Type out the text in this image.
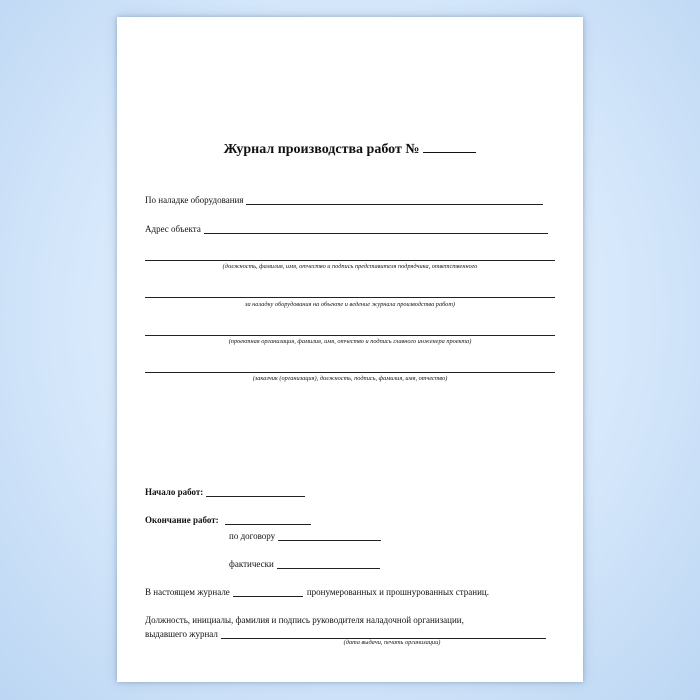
Журнал производства работ №
По наладке оборудования
Адрес объекта
(должность, фамилия, имя, отчество и подпись представителя подрядчика, ответственного
за наладку оборудования на объекте и ведение журнала производства работ)
(проектная организация, фамилия, имя, отчество и подпись главного инженера проекта)
(заказчик (организация), должность, подпись, фамилия, имя, отчество)
Начало работ:
Окончание работ:
по договору
фактически
В настоящем журнале	пронумерованных и прошнурованных страниц.
Должность, инициалы, фамилия и подпись руководителя наладочной организации,
выдавшего журнал
(дата выдачи, печать организации)
